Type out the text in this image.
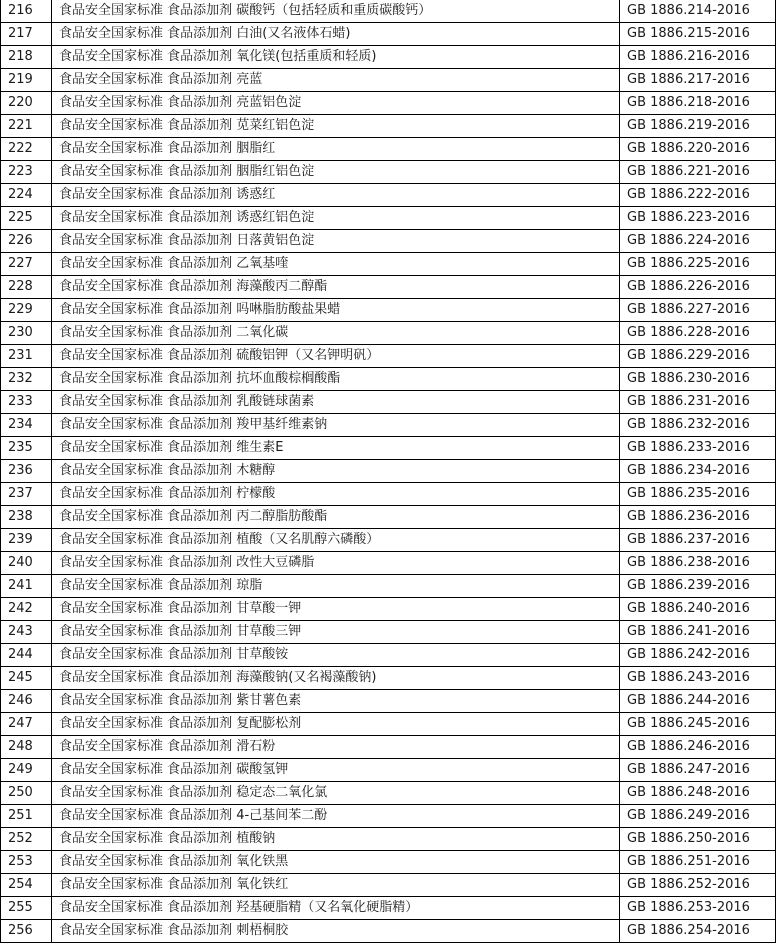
216	食品安全国家标准 食品添加剂 碳酸钙（包括轻质和重质碳酸钙）	GB 1886.214-2016
217	食品安全国家标准 食品添加剂 白油(又名液体石蜡)	GB 1886.215-2016
218	食品安全国家标准 食品添加剂 氧化镁(包括重质和轻质)	GB 1886.216-2016
219	食品安全国家标准 食品添加剂 亮蓝	GB 1886.217-2016
220	食品安全国家标准 食品添加剂 亮蓝铝色淀	GB 1886.218-2016
221	食品安全国家标准 食品添加剂 苋菜红铝色淀	GB 1886.219-2016
222	食品安全国家标准 食品添加剂 胭脂红	GB 1886.220-2016
223	食品安全国家标准 食品添加剂 胭脂红铝色淀	GB 1886.221-2016
224	食品安全国家标准 食品添加剂 诱惑红	GB 1886.222-2016
225	食品安全国家标准 食品添加剂 诱惑红铝色淀	GB 1886.223-2016
226	食品安全国家标准 食品添加剂 日落黄铝色淀	GB 1886.224-2016
227	食品安全国家标准 食品添加剂 乙氧基喹	GB 1886.225-2016
228	食品安全国家标准 食品添加剂 海藻酸丙二醇酯	GB 1886.226-2016
229	食品安全国家标准 食品添加剂 吗啉脂肪酸盐果蜡	GB 1886.227-2016
230	食品安全国家标准 食品添加剂 二氧化碳	GB 1886.228-2016
231	食品安全国家标准 食品添加剂 硫酸铝钾（又名钾明矾）	GB 1886.229-2016
232	食品安全国家标准 食品添加剂 抗坏血酸棕榈酸酯	GB 1886.230-2016
233	食品安全国家标准 食品添加剂 乳酸链球菌素	GB 1886.231-2016
234	食品安全国家标准 食品添加剂 羧甲基纤维素钠	GB 1886.232-2016
235	食品安全国家标准 食品添加剂 维生素E	GB 1886.233-2016
236	食品安全国家标准 食品添加剂 木糖醇	GB 1886.234-2016
237	食品安全国家标准 食品添加剂 柠檬酸	GB 1886.235-2016
238	食品安全国家标准 食品添加剂 丙二醇脂肪酸酯	GB 1886.236-2016
239	食品安全国家标准 食品添加剂 植酸（又名肌醇六磷酸）	GB 1886.237-2016
240	食品安全国家标准 食品添加剂 改性大豆磷脂	GB 1886.238-2016
241	食品安全国家标准 食品添加剂 琼脂	GB 1886.239-2016
242	食品安全国家标准 食品添加剂 甘草酸一钾	GB 1886.240-2016
243	食品安全国家标准 食品添加剂 甘草酸三钾	GB 1886.241-2016
244	食品安全国家标准 食品添加剂 甘草酸铵	GB 1886.242-2016
245	食品安全国家标准 食品添加剂 海藻酸钠(又名褐藻酸钠)	GB 1886.243-2016
246	食品安全国家标准 食品添加剂 紫甘薯色素	GB 1886.244-2016
247	食品安全国家标准 食品添加剂 复配膨松剂	GB 1886.245-2016
248	食品安全国家标准 食品添加剂 滑石粉	GB 1886.246-2016
249	食品安全国家标准 食品添加剂 碳酸氢钾	GB 1886.247-2016
250	食品安全国家标准 食品添加剂 稳定态二氧化氯	GB 1886.248-2016
251	食品安全国家标准 食品添加剂 4-己基间苯二酚	GB 1886.249-2016
252	食品安全国家标准 食品添加剂 植酸钠	GB 1886.250-2016
253	食品安全国家标准 食品添加剂 氧化铁黑	GB 1886.251-2016
254	食品安全国家标准 食品添加剂 氧化铁红	GB 1886.252-2016
255	食品安全国家标准 食品添加剂 羟基硬脂精（又名氧化硬脂精）	GB 1886.253-2016
256	食品安全国家标准 食品添加剂 刺梧桐胶	GB 1886.254-2016
